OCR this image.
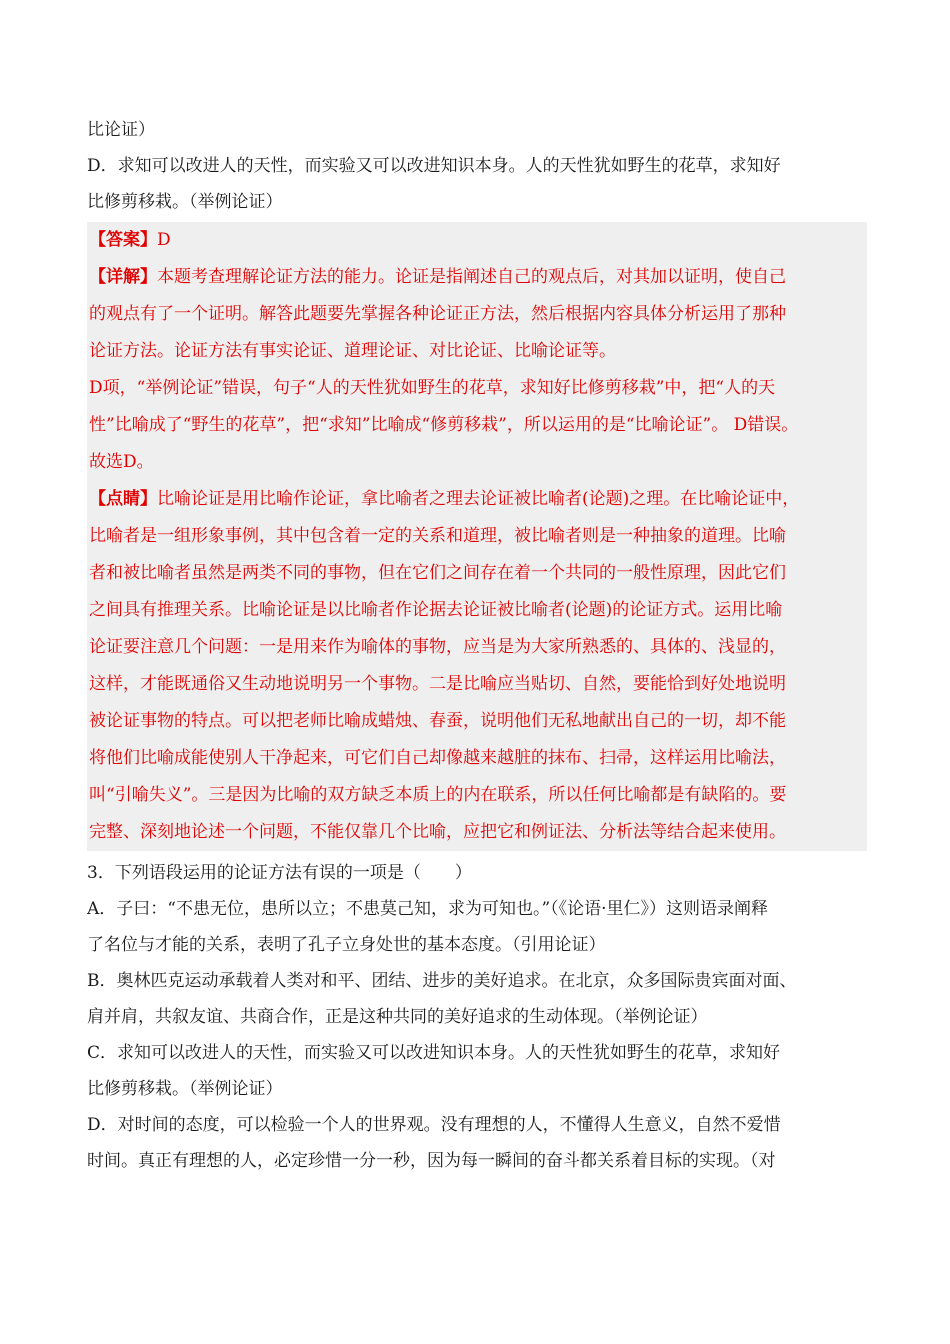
比论证）
D．求知可以改进人的天性，而实验又可以改进知识本身。人的天性犹如野生的花草，求知好
比修剪移栽。（举例论证）
【答案】D
【详解】本题考查理解论证方法的能力。论证是指阐述自己的观点后，对其加以证明，使自己
的观点有了一个证明。解答此题要先掌握各种论证正方法，然后根据内容具体分析运用了那种
论证方法。论证方法有事实论证、道理论证、对比论证、比喻论证等。
D项，“举例论证”错误，句子“人的天性犹如野生的花草，求知好比修剪移栽”中，把“人的天
性”比喻成了“野生的花草”，把“求知”比喻成“修剪移栽”，所以运用的是“比喻论证”。 D错误。
故选D。
【点睛】比喻论证是用比喻作论证，拿比喻者之理去论证被比喻者(论题)之理。在比喻论证中，
比喻者是一组形象事例，其中包含着一定的关系和道理，被比喻者则是一种抽象的道理。比喻
者和被比喻者虽然是两类不同的事物，但在它们之间存在着一个共同的一般性原理，因此它们
之间具有推理关系。比喻论证是以比喻者作论据去论证被比喻者(论题)的论证方式。运用比喻
论证要注意几个问题：一是用来作为喻体的事物，应当是为大家所熟悉的、具体的、浅显的，
这样，才能既通俗又生动地说明另一个事物。二是比喻应当贴切、自然，要能恰到好处地说明
被论证事物的特点。可以把老师比喻成蜡烛、春蚕，说明他们无私地献出自己的一切，却不能
将他们比喻成能使别人干净起来，可它们自己却像越来越脏的抹布、扫帚，这样运用比喻法，
叫“引喻失义”。三是因为比喻的双方缺乏本质上的内在联系，所以任何比喻都是有缺陷的。要
完整、深刻地论述一个问题，不能仅靠几个比喻，应把它和例证法、分析法等结合起来使用。
3．下列语段运用的论证方法有误的一项是（　　）
A．子曰：“不患无位，患所以立；不患莫己知，求为可知也。”（《论语·里仁》）这则语录阐释
了名位与才能的关系，表明了孔子立身处世的基本态度。（引用论证）
B．奥林匹克运动承载着人类对和平、团结、进步的美好追求。在北京，众多国际贵宾面对面、
肩并肩，共叙友谊、共商合作，正是这种共同的美好追求的生动体现。（举例论证）
C．求知可以改进人的天性，而实验又可以改进知识本身。人的天性犹如野生的花草，求知好
比修剪移栽。（举例论证）
D．对时间的态度，可以检验一个人的世界观。没有理想的人，不懂得人生意义，自然不爱惜
时间。真正有理想的人，必定珍惜一分一秒，因为每一瞬间的奋斗都关系着目标的实现。（对
